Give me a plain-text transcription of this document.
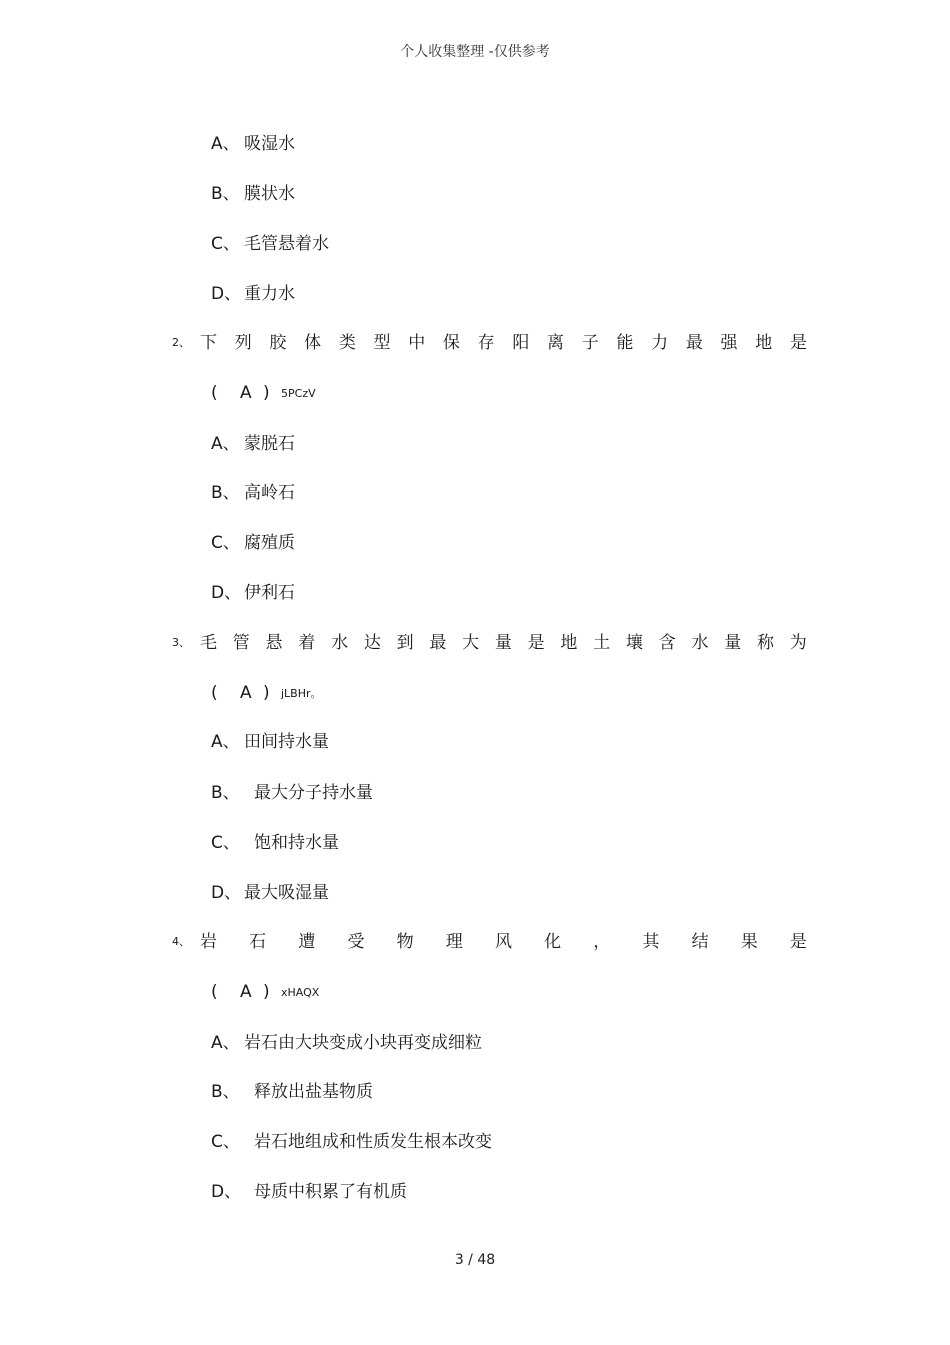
个人收集整理 -仅供参考
A、 吸湿水
B、 膜状水
C、 毛管悬着水
D、 重力水
2、 下 列 胶 体 类 型 中 保 存 阳 离 子 能 力 最 强 地 是
( A ) 5PCzV
A、 蒙脱石
B、 高岭石
C、 腐殖质
D、 伊利石
3、 毛 管 悬 着 水 达 到 最 大 量 是 地 土 壤 含 水 量 称 为
( A ) jLBHr。
A、 田间持水量
B、 最大分子持水量
C、 饱和持水量
D、 最大吸湿量
4、 岩 石 遭 受 物 理 风 化 ， 其 结 果 是
( A ) xHAQX
A、 岩石由大块变成小块再变成细粒
B、 释放出盐基物质
C、 岩石地组成和性质发生根本改变
D、 母质中积累了有机质
3 / 48
